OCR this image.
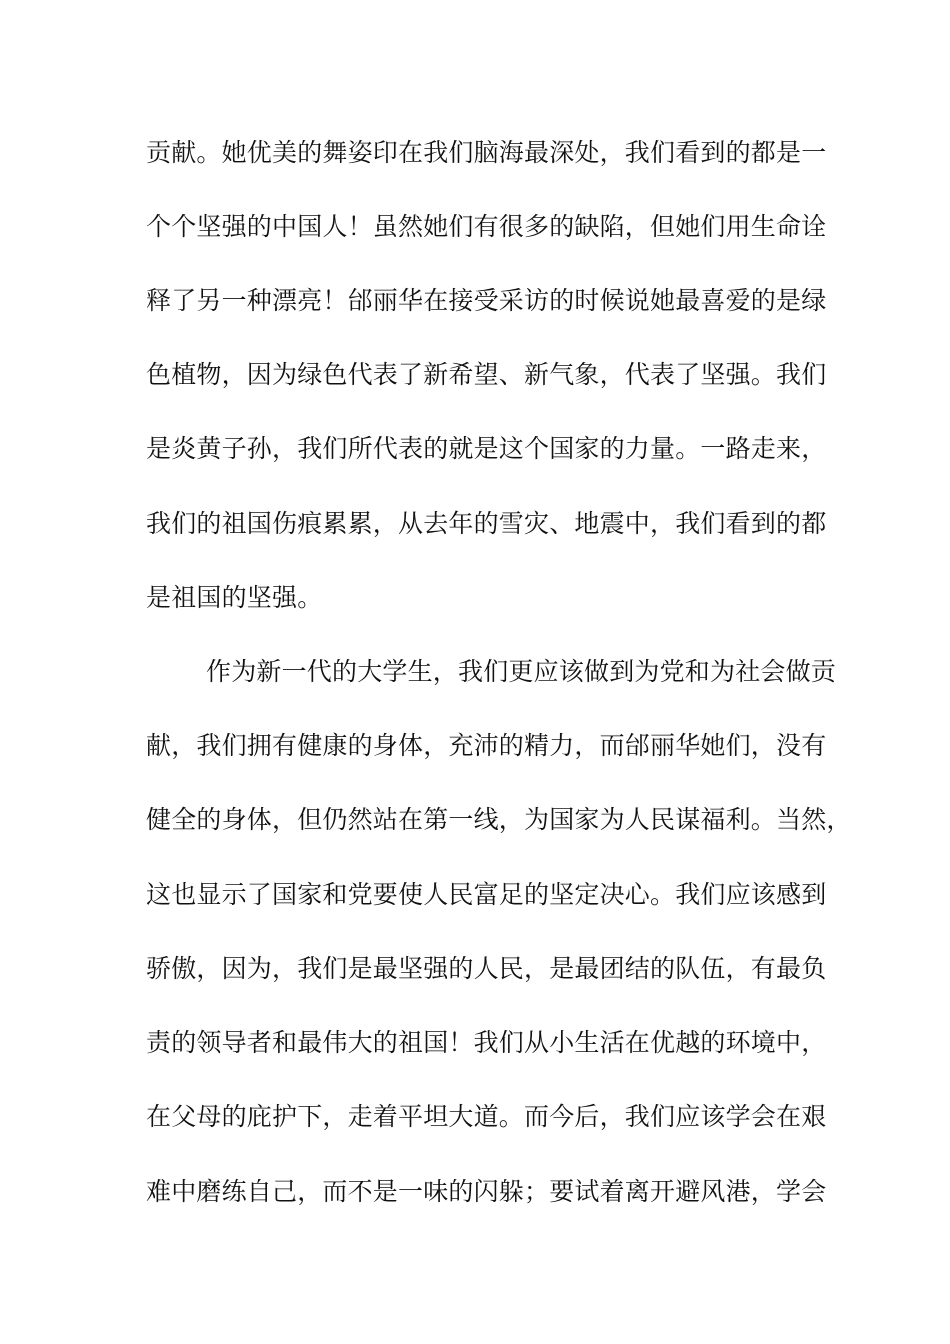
贡献。她优美的舞姿印在我们脑海最深处，我们看到的都是一
个个坚强的中国人！虽然她们有很多的缺陷，但她们用生命诠
释了另一种漂亮！邰丽华在接受采访的时候说她最喜爱的是绿
色植物，因为绿色代表了新希望、新气象，代表了坚强。我们
是炎黄子孙，我们所代表的就是这个国家的力量。一路走来，
我们的祖国伤痕累累，从去年的雪灾、地震中，我们看到的都
是祖国的坚强。
作为新一代的大学生，我们更应该做到为党和为社会做贡
献，我们拥有健康的身体，充沛的精力，而邰丽华她们，没有
健全的身体，但仍然站在第一线，为国家为人民谋福利。当然，
这也显示了国家和党要使人民富足的坚定决心。我们应该感到
骄傲，因为，我们是最坚强的人民，是最团结的队伍，有最负
责的领导者和最伟大的祖国！我们从小生活在优越的环境中，
在父母的庇护下，走着平坦大道。而今后，我们应该学会在艰
难中磨练自己，而不是一味的闪躲；要试着离开避风港，学会
